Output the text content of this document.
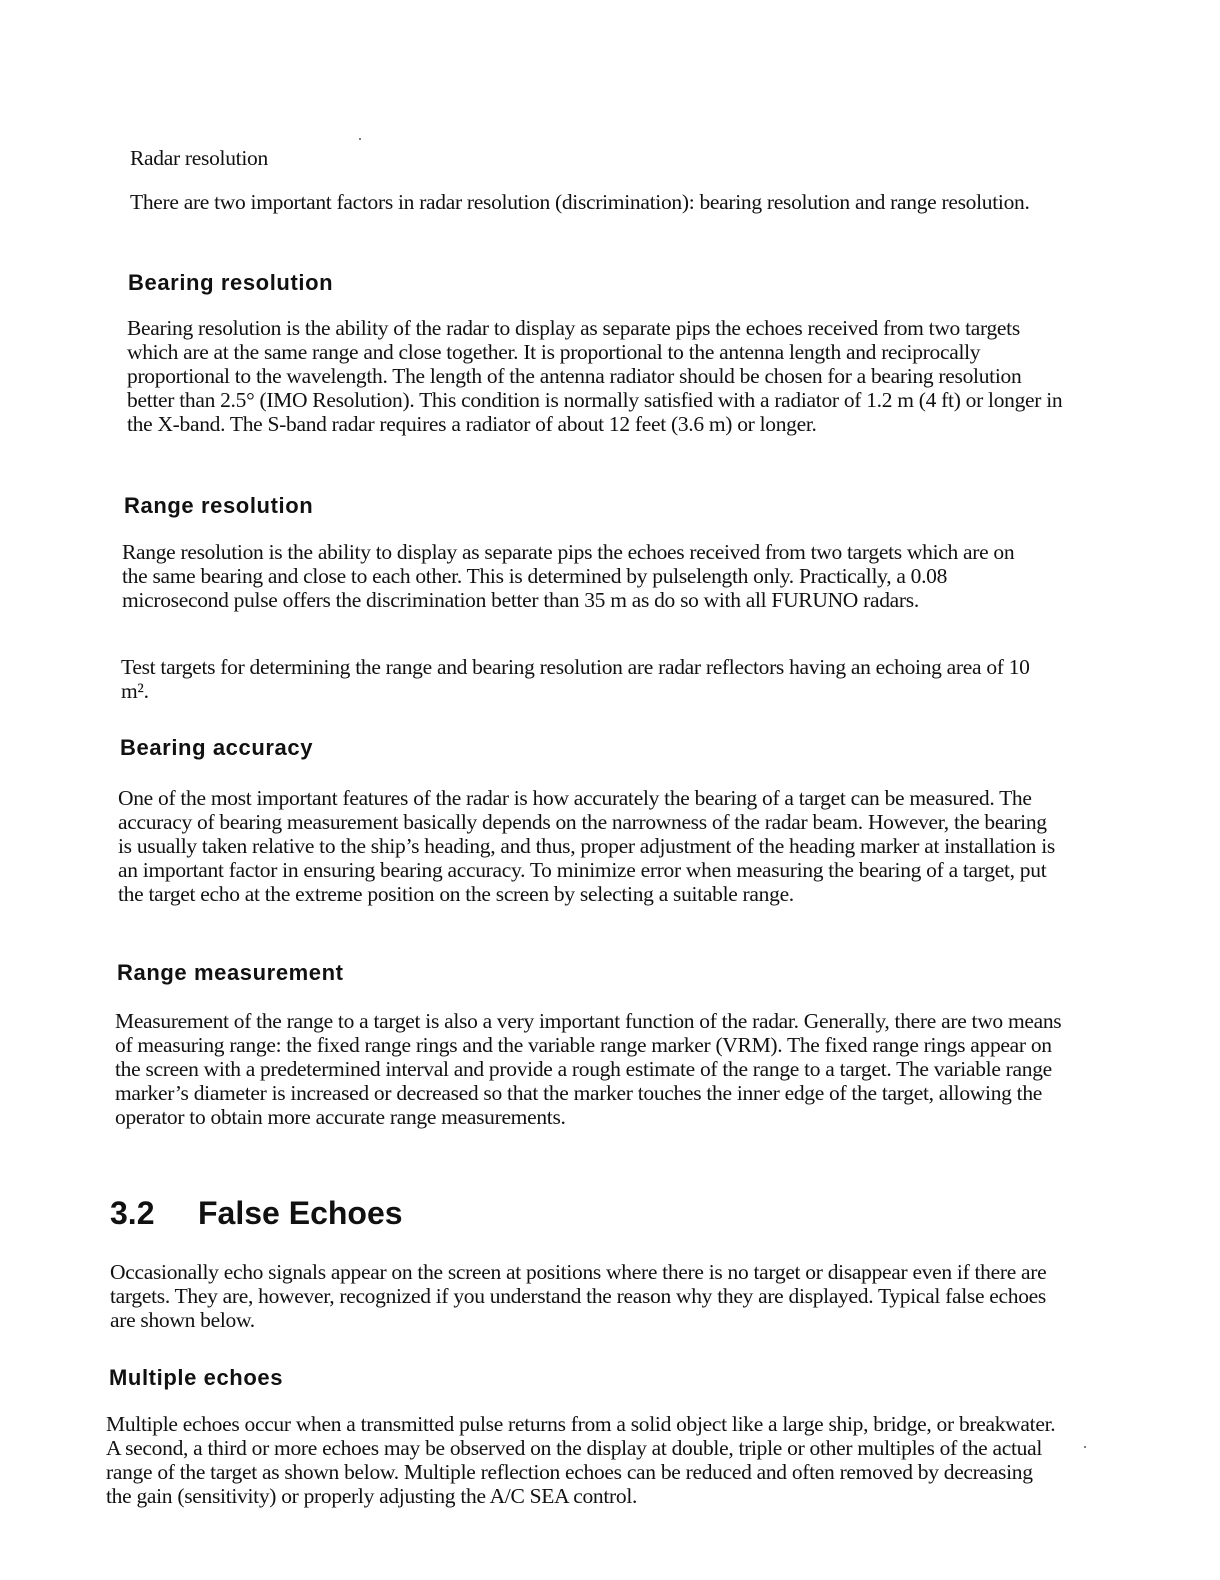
Radar resolution

There are two important factors in radar resolution (discrimination): bearing resolution and range resolution.

Bearing resolution

Bearing resolution is the ability of the radar to display as separate pips the echoes received from two targets which are at the same range and close together. It is proportional to the antenna length and reciprocally proportional to the wavelength. The length of the antenna radiator should be chosen for a bearing resolution better than 2.5° (IMO Resolution). This condition is normally satisfied with a radiator of 1.2 m (4 ft) or longer in the X-band. The S-band radar requires a radiator of about 12 feet (3.6 m) or longer.

Range resolution

Range resolution is the ability to display as separate pips the echoes received from two targets which are on the same bearing and close to each other. This is determined by pulselength only. Practically, a 0.08 microsecond pulse offers the discrimination better than 35 m as do so with all FURUNO radars.

Test targets for determining the range and bearing resolution are radar reflectors having an echoing area of 10 m².

Bearing accuracy

One of the most important features of the radar is how accurately the bearing of a target can be measured. The accuracy of bearing measurement basically depends on the narrowness of the radar beam. However, the bearing is usually taken relative to the ship’s heading, and thus, proper adjustment of the heading marker at installation is an important factor in ensuring bearing accuracy. To minimize error when measuring the bearing of a target, put the target echo at the extreme position on the screen by selecting a suitable range.

Range measurement

Measurement of the range to a target is also a very important function of the radar. Generally, there are two means of measuring range: the fixed range rings and the variable range marker (VRM). The fixed range rings appear on the screen with a predetermined interval and provide a rough estimate of the range to a target. The variable range marker’s diameter is increased or decreased so that the marker touches the inner edge of the target, allowing the operator to obtain more accurate range measurements.

3.2 False Echoes

Occasionally echo signals appear on the screen at positions where there is no target or disappear even if there are targets. They are, however, recognized if you understand the reason why they are displayed. Typical false echoes are shown below.

Multiple echoes

Multiple echoes occur when a transmitted pulse returns from a solid object like a large ship, bridge, or breakwater. A second, a third or more echoes may be observed on the display at double, triple or other multiples of the actual range of the target as shown below. Multiple reflection echoes can be reduced and often removed by decreasing the gain (sensitivity) or properly adjusting the A/C SEA control.
